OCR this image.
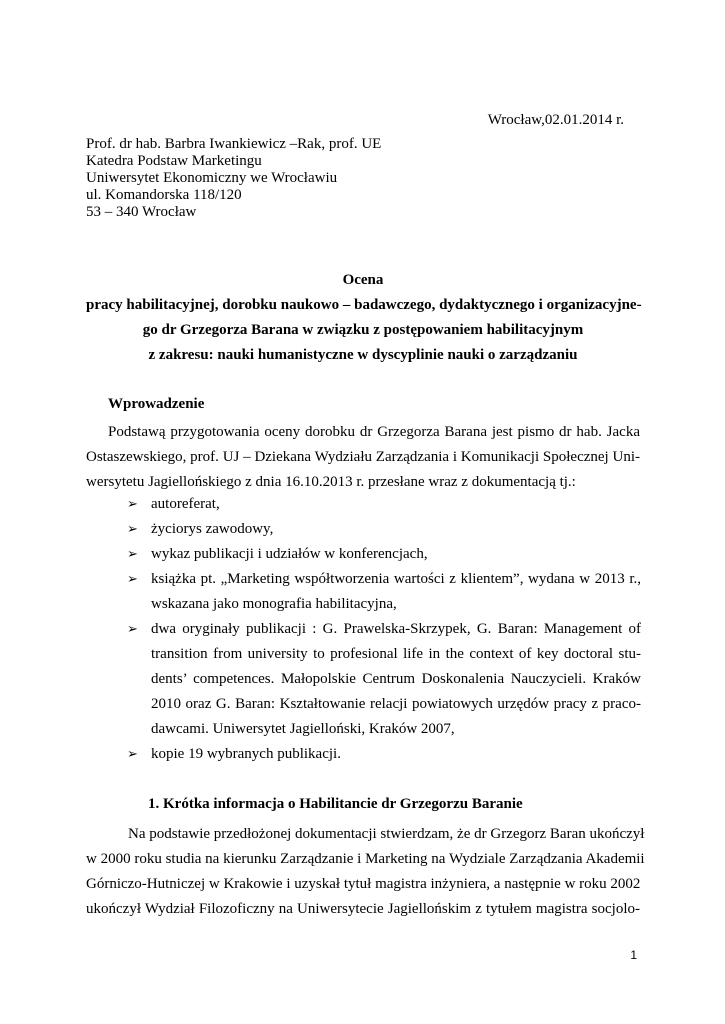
Wrocław,02.01.2014 r.
Prof. dr hab. Barbra Iwankiewicz –Rak, prof. UE
Katedra Podstaw Marketingu
Uniwersytet Ekonomiczny we Wrocławiu
ul. Komandorska 118/120
53 – 340 Wrocław
Ocena
pracy habilitacyjnej, dorobku naukowo – badawczego, dydaktycznego i organizacyjne-
go dr Grzegorza Barana w związku z postępowaniem habilitacyjnym
z zakresu: nauki humanistyczne w dyscyplinie nauki o zarządzaniu
Wprowadzenie
Podstawą przygotowania oceny dorobku dr Grzegorza Barana jest pismo dr hab. Jacka
Ostaszewskiego, prof. UJ – Dziekana Wydziału Zarządzania i Komunikacji Społecznej Uni-
wersytetu Jagiellońskiego z dnia 16.10.2013 r. przesłane wraz z dokumentacją tj.:
➢ autoreferat,
➢ życiorys zawodowy,
➢ wykaz publikacji i udziałów w konferencjach,
➢ książka pt. „Marketing współtworzenia wartości z klientem”, wydana w 2013 r.,
wskazana jako monografia habilitacyjna,
➢ dwa oryginały publikacji : G. Prawelska-Skrzypek, G. Baran: Management of
transition from university to profesional life in the context of key doctoral stu-
dents’ competences. Małopolskie Centrum Doskonalenia Nauczycieli. Kraków
2010 oraz G. Baran: Kształtowanie relacji powiatowych urzędów pracy z praco-
dawcami. Uniwersytet Jagielloński, Kraków 2007,
➢ kopie 19 wybranych publikacji.
1. Krótka informacja o Habilitancie dr Grzegorzu Baranie
Na podstawie przedłożonej dokumentacji stwierdzam, że dr Grzegorz Baran ukończył
w 2000 roku studia na kierunku Zarządzanie i Marketing na Wydziale Zarządzania Akademii
Górniczo-Hutniczej w Krakowie i uzyskał tytuł magistra inżyniera, a następnie w roku 2002
ukończył Wydział Filozoficzny na Uniwersytecie Jagiellońskim z tytułem magistra socjolo-
1
